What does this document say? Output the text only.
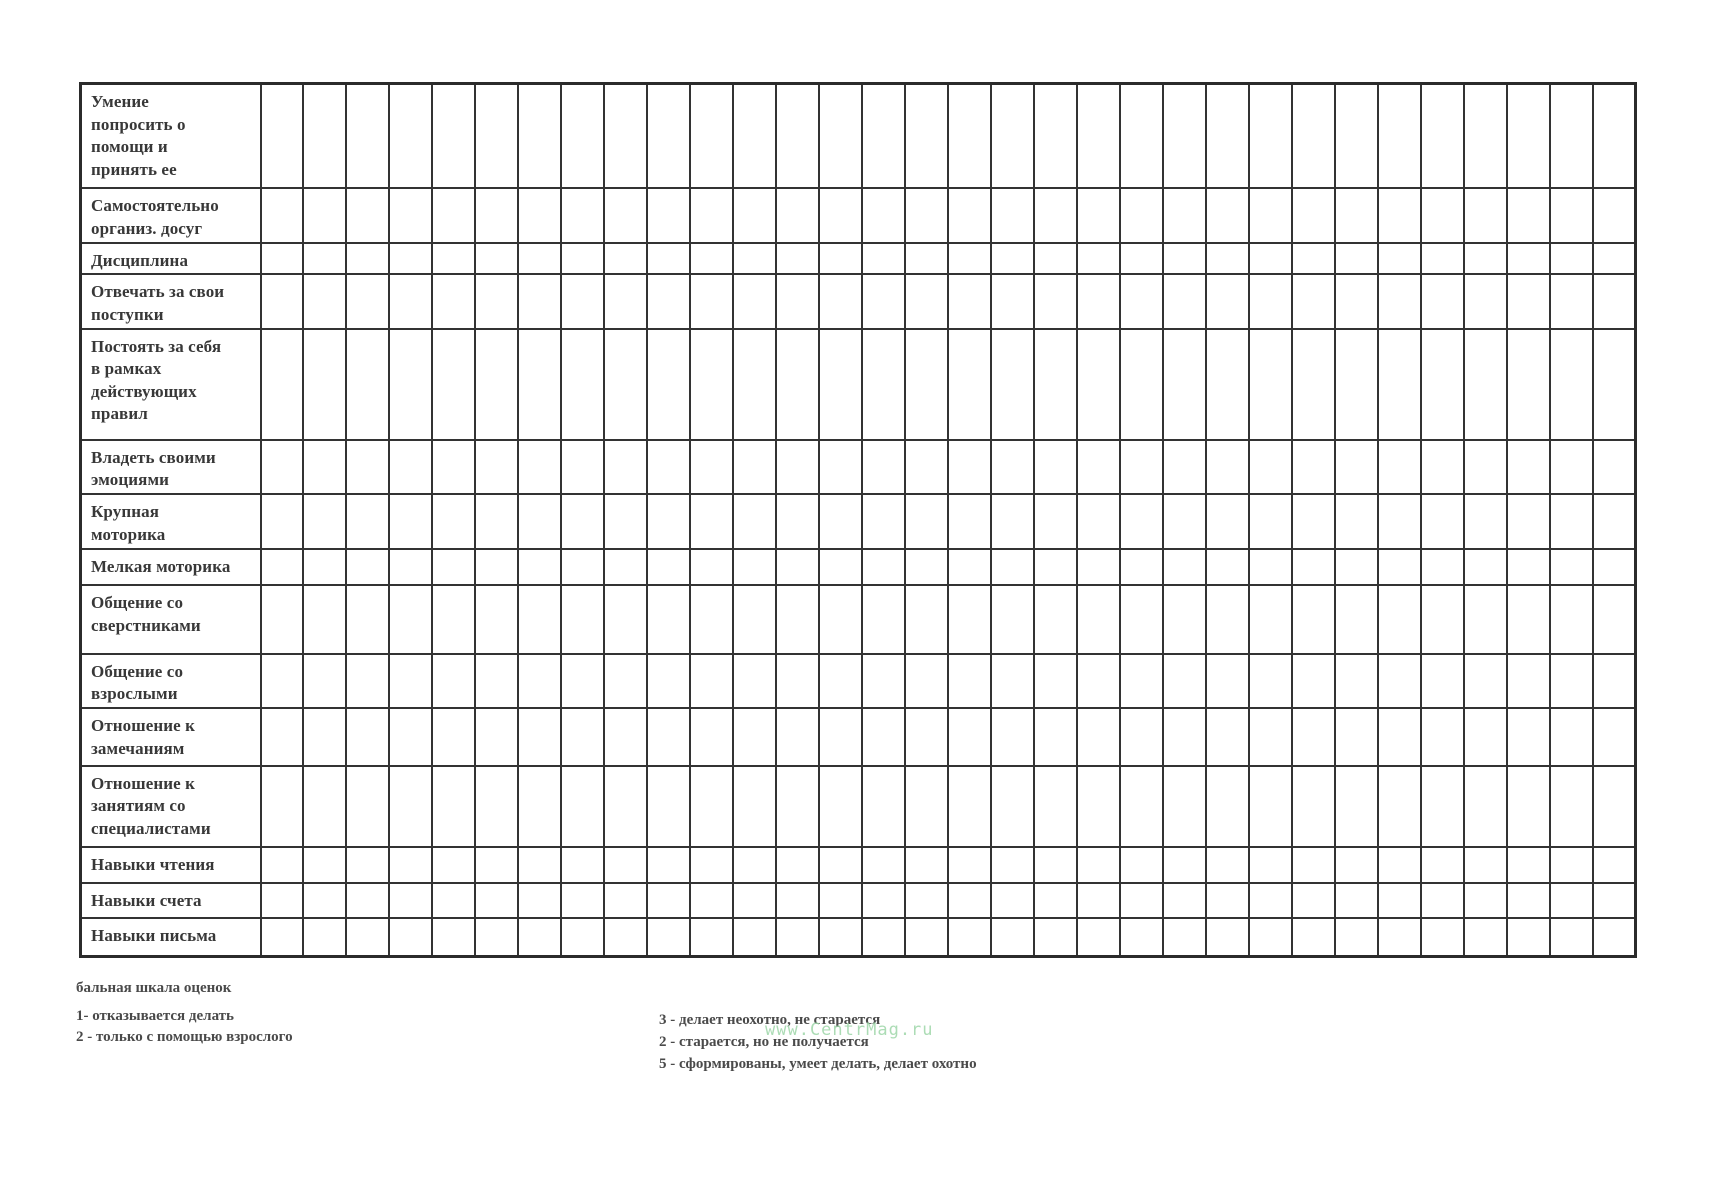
Умение
попросить о
помощи и
принять ее																																

Самостоятельно
организ. досуг																																

Дисциплина																																

Отвечать за свои
поступки																																

Постоять за себя
в рамках
действующих
правил																																

Владеть своими
эмоциями																																

Крупная
моторика																																

Мелкая моторика																																

Общение со
сверстниками																																

Общение со
взрослыми																																

Отношение к
замечаниям																																

Отношение к
занятиям со
специалистами																																

Навыки чтения																																

Навыки счета																																

Навыки письма																																

бальная шкала оценок
1- отказывается делать
2 - только с помощью взрослого
3 - делает неохотно, не старается
2 - старается, но не получается
5 - сформированы, умеет делать, делает охотно
www.CentrMag.ru
